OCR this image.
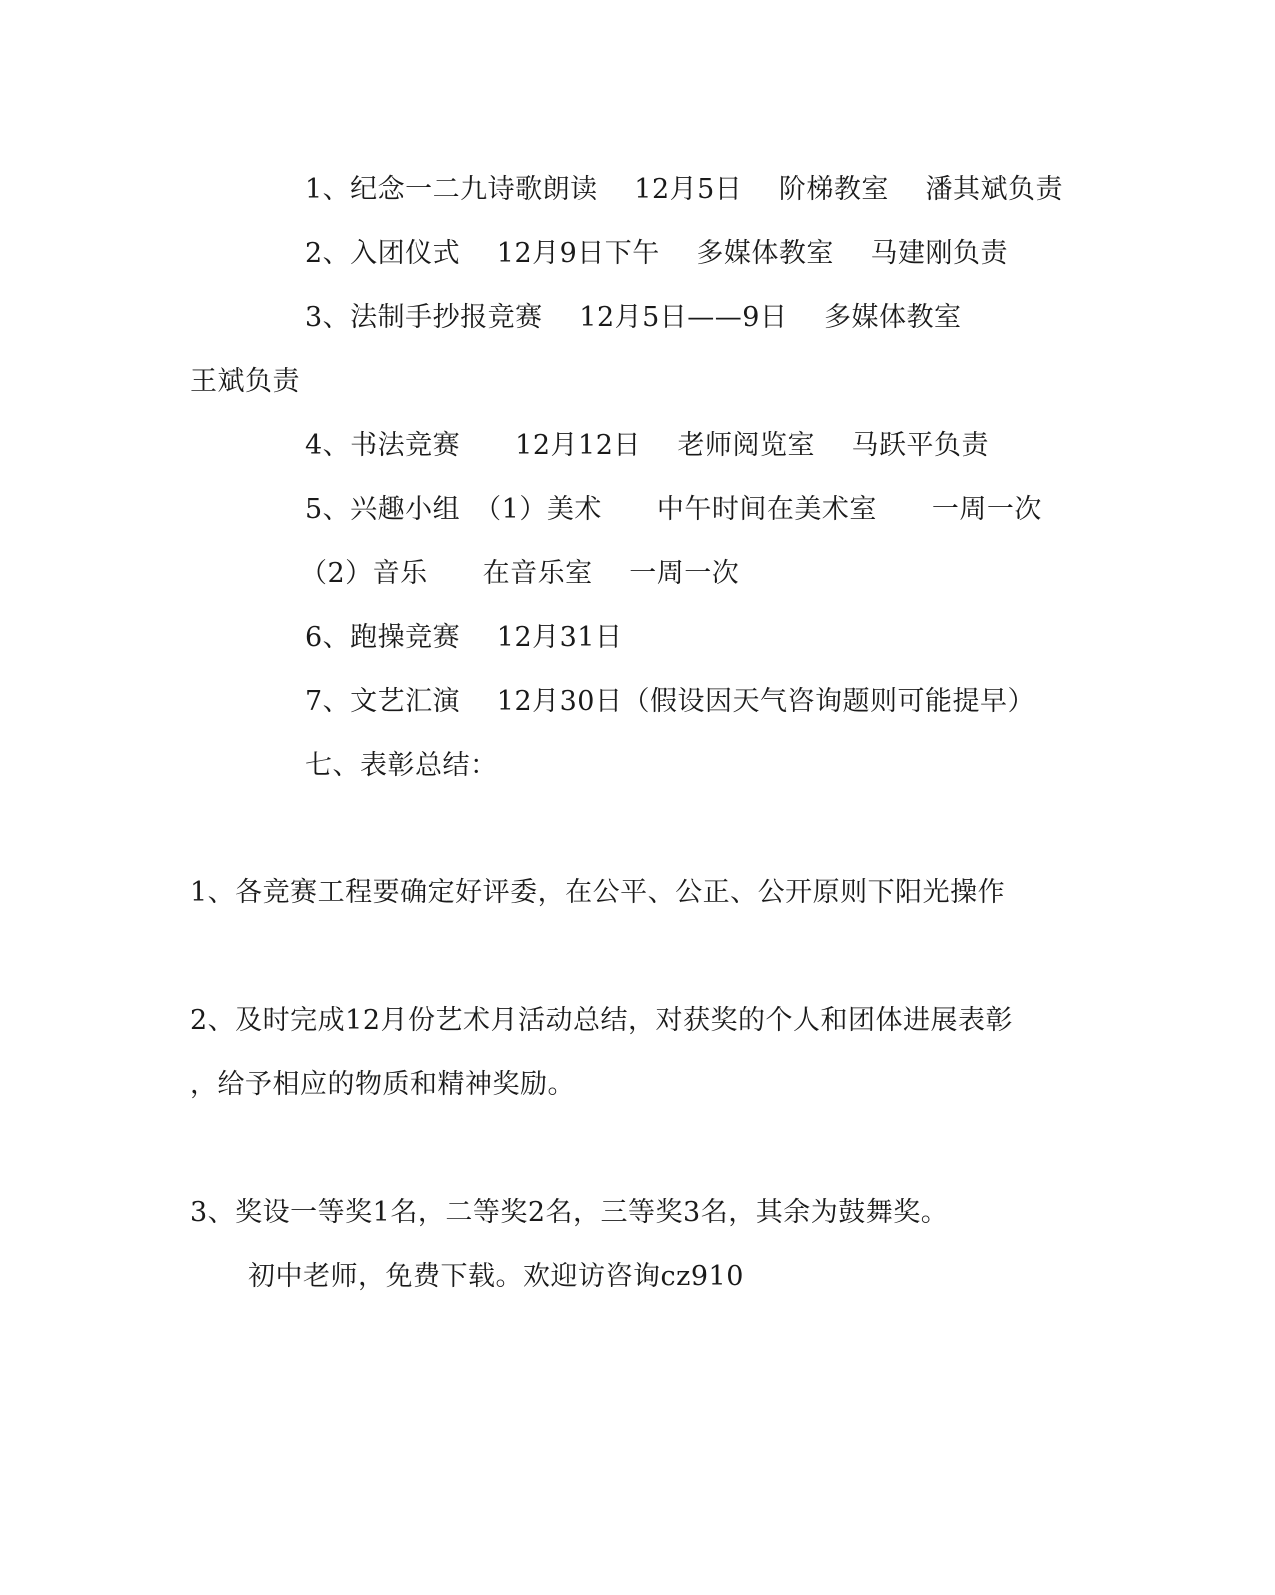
1、纪念一二九诗歌朗读　 12月5日　 阶梯教室　 潘其斌负责
2、入团仪式　 12月9日下午　 多媒体教室　 马建刚负责
3、法制手抄报竞赛　 12月5日——9日　 多媒体教室
王斌负责
4、书法竞赛　　12月12日　 老师阅览室　 马跃平负责
5、兴趣小组　（1）美术　　中午时间在美术室　　一周一次
（2）音乐　　在音乐室　 一周一次
6、跑操竞赛　 12月31日
7、文艺汇演　 12月30日（假设因天气咨询题则可能提早）
七、表彰总结：
1、各竞赛工程要确定好评委，在公平、公正、公开原则下阳光操作
2、及时完成12月份艺术月活动总结，对获奖的个人和团体进展表彰
，给予相应的物质和精神奖励。
3、奖设一等奖1名，二等奖2名，三等奖3名，其余为鼓舞奖。
初中老师，免费下载。欢迎访咨询cz910
